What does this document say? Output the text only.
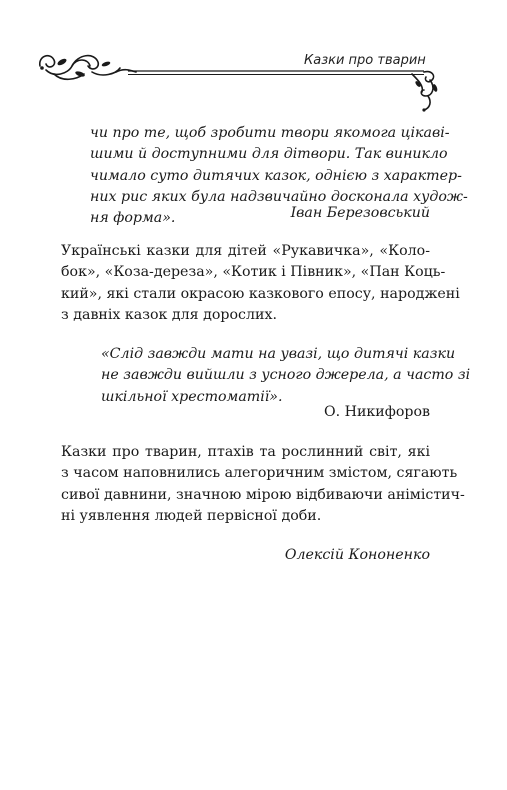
Казки про тварин
чи про те, щоб зробити твори якомога цікаві-
шими й доступними для дітвори. Так виникло
чимало суто дитячих казок, однією з характер-
них рис яких була надзвичайно досконала худож-
ня форма».	Іван Березовський
Українські казки для дітей «Рукавичка», «Коло-
бок», «Коза-дереза», «Котик і Півник», «Пан Коць-
кий», які стали окрасою казкового епосу, народжені
з давніх казок для дорослих.
«Слід завжди мати на увазі, що дитячі казки
не завжди вийшли з усного джерела, а часто зі
шкільної хрестоматії».
О. Никифоров
Казки про тварин, птахів та рослинний світ, які
з часом наповнились алегоричним змістом, сягають
сивої давнини, значною мірою відбиваючи анімістич-
ні уявлення людей первісної доби.
Олексій Кононенко
